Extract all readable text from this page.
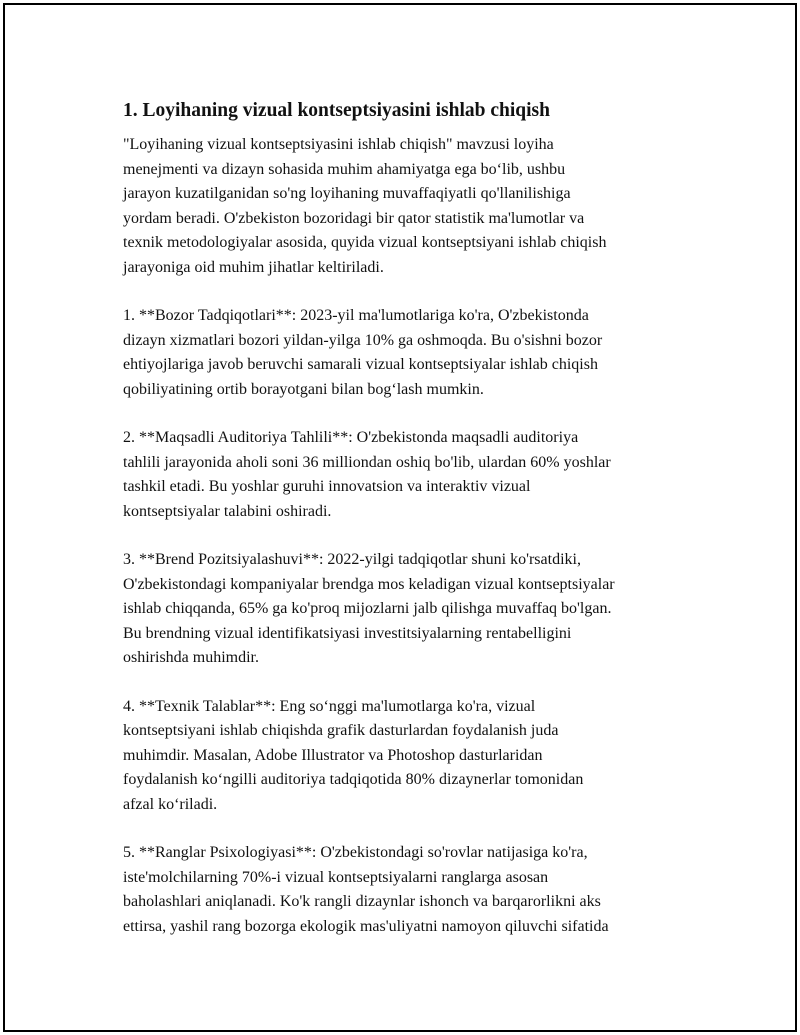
1. Loyihaning vizual kontseptsiyasini ishlab chiqish

"Loyihaning vizual kontseptsiyasini ishlab chiqish" mavzusi loyiha
menejmenti va dizayn sohasida muhim ahamiyatga ega bo‘lib, ushbu
jarayon kuzatilganidan so'ng loyihaning muvaffaqiyatli qo'llanilishiga
yordam beradi. O'zbekiston bozoridagi bir qator statistik ma'lumotlar va
texnik metodologiyalar asosida, quyida vizual kontseptsiyani ishlab chiqish
jarayoniga oid muhim jihatlar keltiriladi.

1. **Bozor Tadqiqotlari**: 2023-yil ma'lumotlariga ko'ra, O'zbekistonda
dizayn xizmatlari bozori yildan-yilga 10% ga oshmoqda. Bu o'sishni bozor
ehtiyojlariga javob beruvchi samarali vizual kontseptsiyalar ishlab chiqish
qobiliyatining ortib borayotgani bilan bog‘lash mumkin.

2. **Maqsadli Auditoriya Tahlili**: O'zbekistonda maqsadli auditoriya
tahlili jarayonida aholi soni 36 milliondan oshiq bo'lib, ulardan 60% yoshlar
tashkil etadi. Bu yoshlar guruhi innovatsion va interaktiv vizual
kontseptsiyalar talabini oshiradi.

3. **Brend Pozitsiyalashuvi**: 2022-yilgi tadqiqotlar shuni ko'rsatdiki,
O'zbekistondagi kompaniyalar brendga mos keladigan vizual kontseptsiyalar
ishlab chiqqanda, 65% ga ko'proq mijozlarni jalb qilishga muvaffaq bo'lgan.
Bu brendning vizual identifikatsiyasi investitsiyalarning rentabelligini
oshirishda muhimdir.

4. **Texnik Talablar**: Eng so‘nggi ma'lumotlarga ko'ra, vizual
kontseptsiyani ishlab chiqishda grafik dasturlardan foydalanish juda
muhimdir. Masalan, Adobe Illustrator va Photoshop dasturlaridan
foydalanish ko‘ngilli auditoriya tadqiqotida 80% dizaynerlar tomonidan
afzal ko‘riladi.

5. **Ranglar Psixologiyasi**: O'zbekistondagi so'rovlar natijasiga ko'ra,
iste'molchilarning 70%-i vizual kontseptsiyalarni ranglarga asosan
baholashlari aniqlanadi. Ko'k rangli dizaynlar ishonch va barqarorlikni aks
ettirsa, yashil rang bozorga ekologik mas'uliyatni namoyon qiluvchi sifatida
